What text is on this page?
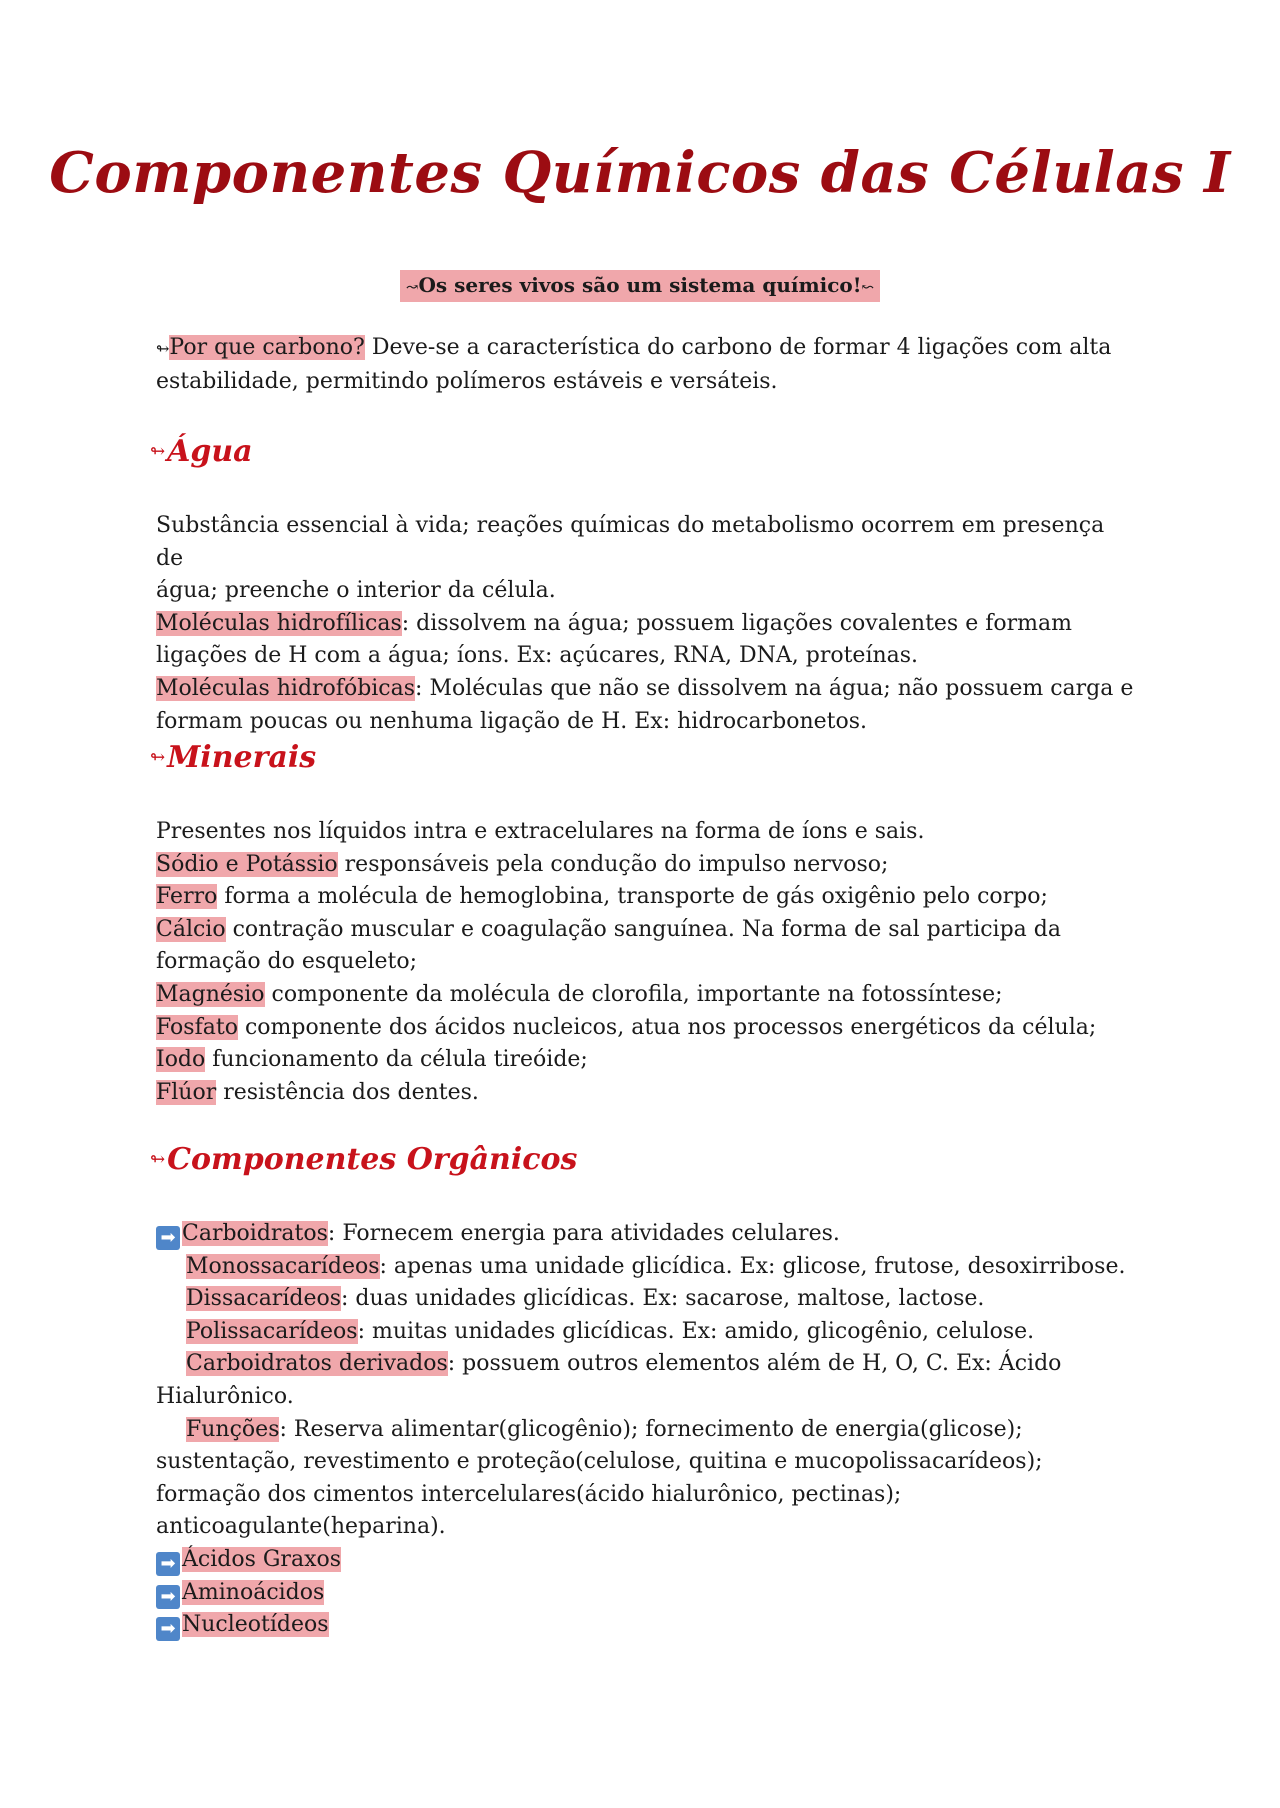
Componentes Químicos das Células I
↝Os seres vivos são um sistema químico!↜
↬Por que carbono? Deve-se a característica do carbono de formar 4 ligações com alta
estabilidade, permitindo polímeros estáveis e versáteis.
↬Água
Substância essencial à vida; reações químicas do metabolismo ocorrem em presença de
água; preenche o interior da célula.
Moléculas hidrofílicas: dissolvem na água; possuem ligações covalentes e formam
ligações de H com a água; íons. Ex: açúcares, RNA, DNA, proteínas.
Moléculas hidrofóbicas: Moléculas que não se dissolvem na água; não possuem carga e
formam poucas ou nenhuma ligação de H. Ex: hidrocarbonetos.
↬Minerais
Presentes nos líquidos intra e extracelulares na forma de íons e sais.
Sódio e Potássio responsáveis pela condução do impulso nervoso;
Ferro forma a molécula de hemoglobina, transporte de gás oxigênio pelo corpo;
Cálcio contração muscular e coagulação sanguínea. Na forma de sal participa da
formação do esqueleto;
Magnésio componente da molécula de clorofila, importante na fotossíntese;
Fosfato componente dos ácidos nucleicos, atua nos processos energéticos da célula;
Iodo funcionamento da célula tireóide;
Flúor resistência dos dentes.
↬Componentes Orgânicos
➡ Carboidratos: Fornecem energia para atividades celulares.
Monossacarídeos: apenas uma unidade glicídica. Ex: glicose, frutose, desoxirribose.
Dissacarídeos: duas unidades glicídicas. Ex: sacarose, maltose, lactose.
Polissacarídeos: muitas unidades glicídicas. Ex: amido, glicogênio, celulose.
Carboidratos derivados: possuem outros elementos além de H, O, C. Ex: Ácido
Hialurônico.
Funções: Reserva alimentar(glicogênio); fornecimento de energia(glicose);
sustentação, revestimento e proteção(celulose, quitina e mucopolissacarídeos);
formação dos cimentos intercelulares(ácido hialurônico, pectinas);
anticoagulante(heparina).
➡ Ácidos Graxos
➡ Aminoácidos
➡ Nucleotídeos
